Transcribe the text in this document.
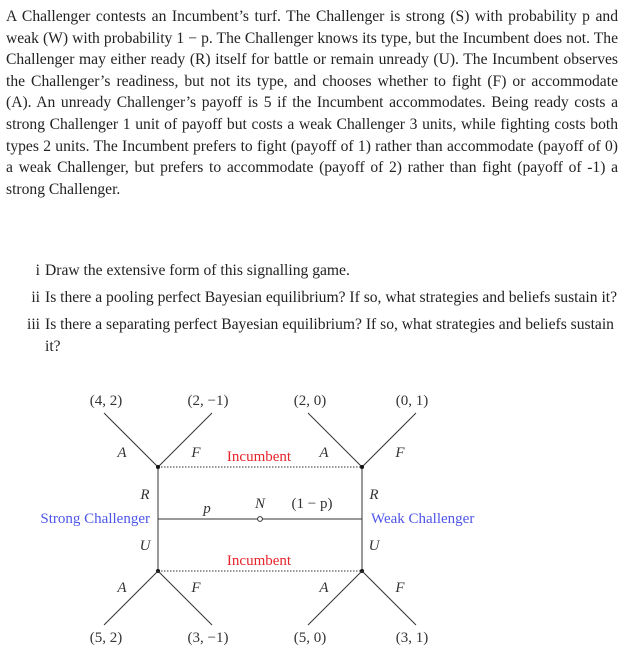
A Challenger contests an Incumbent’s turf. The Challenger is strong (S) with probability p and weak (W) with probability 1 − p. The Challenger knows its type, but the Incumbent does not. The Challenger may either ready (R) itself for battle or remain unready (U). The Incumbent observes the Challenger’s readiness, but not its type, and chooses whether to fight (F) or accommodate (A). An unready Challenger’s payoff is 5 if the Incumbent accommodates. Being ready costs a strong Challenger 1 unit of payoff but costs a weak Challenger 3 units, while fighting costs both types 2 units. The Incumbent prefers to fight (payoff of 1) rather than accommodate (payoff of 0) a weak Challenger, but prefers to accommodate (payoff of 2) rather than fight (payoff of -1) a strong Challenger.

i Draw the extensive form of this signalling game.
ii Is there a pooling perfect Bayesian equilibrium? If so, what strategies and beliefs sustain it?
iii Is there a separating perfect Bayesian equilibrium? If so, what strategies and beliefs sustain it?
(4, 2)	(2, −1)	(2, 0)	(0, 1)
A	F	A	F
Incumbent
N
p	(1 − p)
Strong Challenger	Weak Challenger
R	R
U	U
Incumbent
A	F	A	F
(5, 2)	(3, −1)	(5, 0)	(3, 1)
